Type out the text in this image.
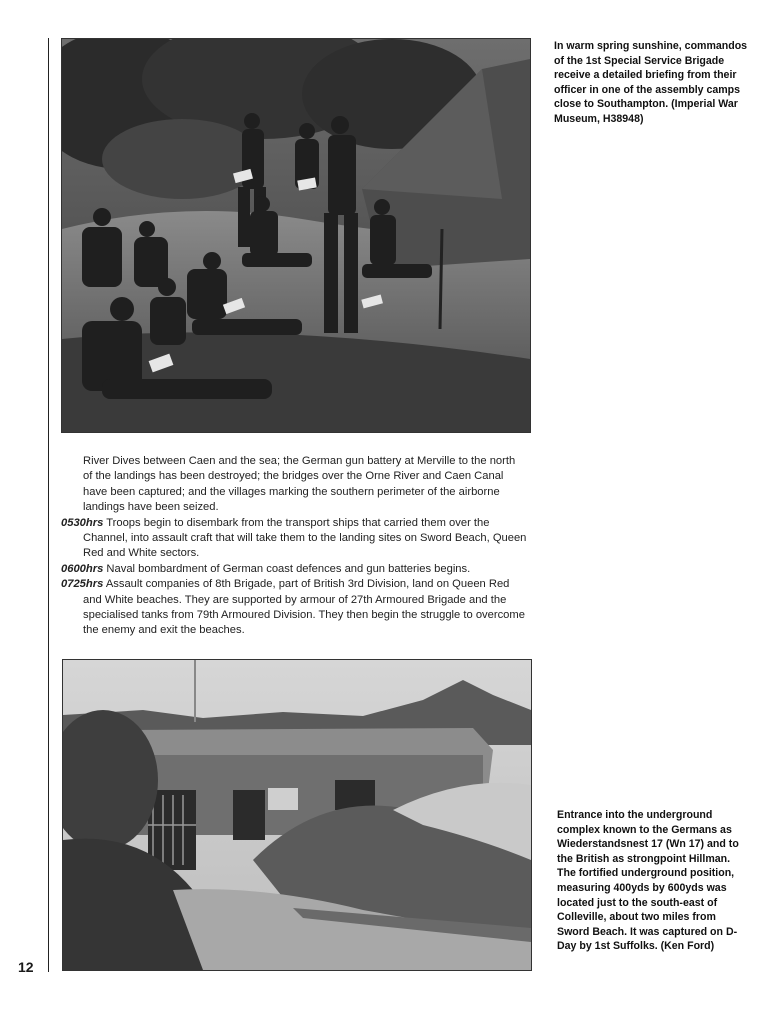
In warm spring sunshine, commandos of the 1st Special Service Brigade receive a detailed briefing from their officer in one of the assembly camps close to Southampton. (Imperial War Museum, H38948)

River Dives between Caen and the sea; the German gun battery at Merville to the north of the landings has been destroyed; the bridges over the Orne River and Caen Canal have been captured; and the villages marking the southern perimeter of the airborne landings have been seized.

0530hrs Troops begin to disembark from the transport ships that carried them over the Channel, into assault craft that will take them to the landing sites on Sword Beach, Queen Red and White sectors.

0600hrs Naval bombardment of German coast defences and gun batteries begins.

0725hrs Assault companies of 8th Brigade, part of British 3rd Division, land on Queen Red and White beaches. They are supported by armour of 27th Armoured Brigade and the specialised tanks from 79th Armoured Division. They then begin the struggle to overcome the enemy and exit the beaches.

Entrance into the underground complex known to the Germans as Wiederstandsnest 17 (Wn 17) and to the British as strongpoint Hillman. The fortified underground position, measuring 400yds by 600yds was located just to the south-east of Colleville, about two miles from Sword Beach. It was captured on D-Day by 1st Suffolks. (Ken Ford)
12
